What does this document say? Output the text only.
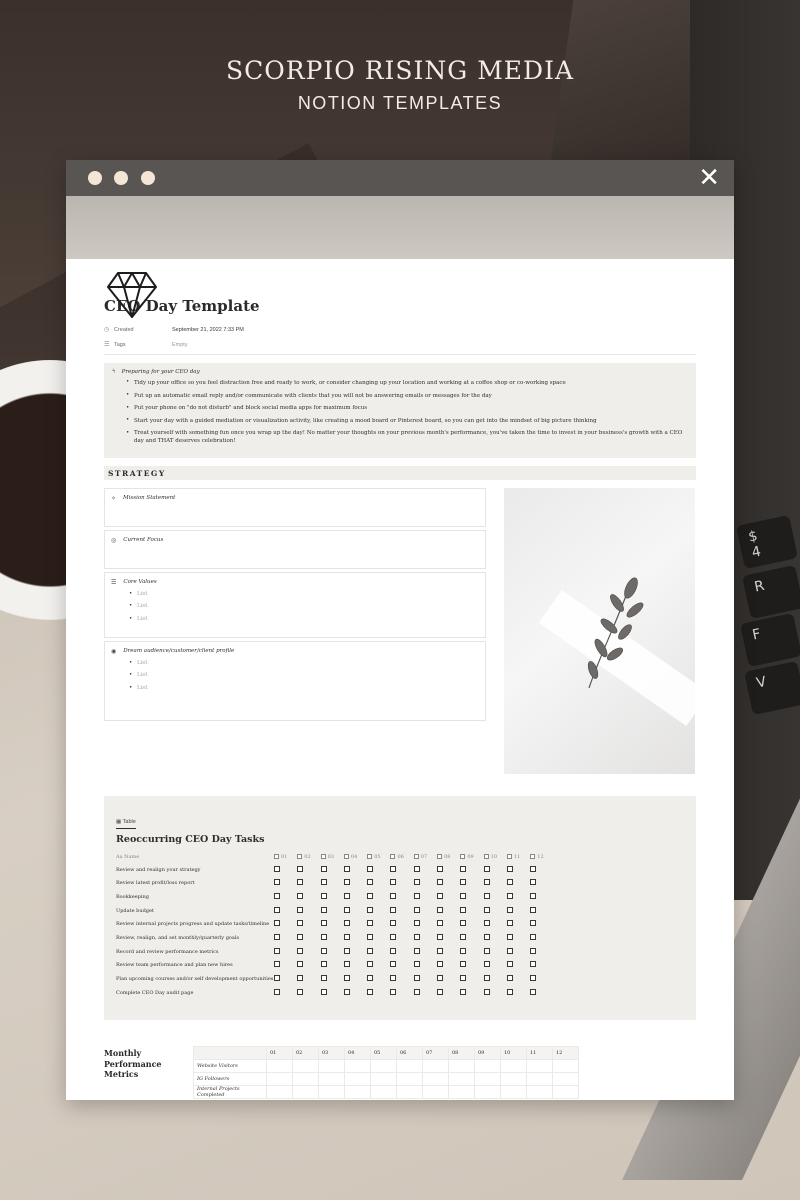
$
4
R
F
V
SCORPIO RISING MEDIA
NOTION TEMPLATES
✕
CEO Day Template
◷ Created	September 21, 2022 7:33 PM
☰ Tags	Empty
ϟ Preparing for your CEO day
• Tidy up your office so you feel distraction free and ready to work, or consider changing up your location and working at a coffee shop or co-working space
• Put up an automatic email reply and/or communicate with clients that you will not be answering emails or messages for the day
• Put your phone on "do not disturb" and block social media apps for maximum focus
• Start your day with a guided mediation or visualization activity, like creating a mood board or Pinterest board, so you can get into the mindset of big picture thinking
• Treat yourself with something fun once you wrap up the day! No matter your thoughts on your previous month's performance, you've taken the time to invest in your business's growth with a CEO day and THAT deserves celebration!
STRATEGY
✧ Mission Statement
◎ Current Focus
☰ Core Values
• List
• List
• List
◉ Dream audience/customer/client profile
• List
• List
• List
▦ Table
Reoccurring CEO Day Tasks
Aa Name	01	02	03	04	05	06	07	08	09	10	11	12
Review and realign your strategy
Review latest profit/loss report
Bookkeeping
Update budget
Review internal projects progress and update tasks/timeline
Review, realign, and set monthly/quarterly goals
Record and review performance metrics
Review team performance and plan new hires
Plan upcoming courses and/or self development opportunities
Complete CEO Day audit page
Monthly Performance Metrics
	01	02	03	04	05	06	07	08	09	10	11	12
Website Visitors												
IG Followers												
Internal Projects Completed												
